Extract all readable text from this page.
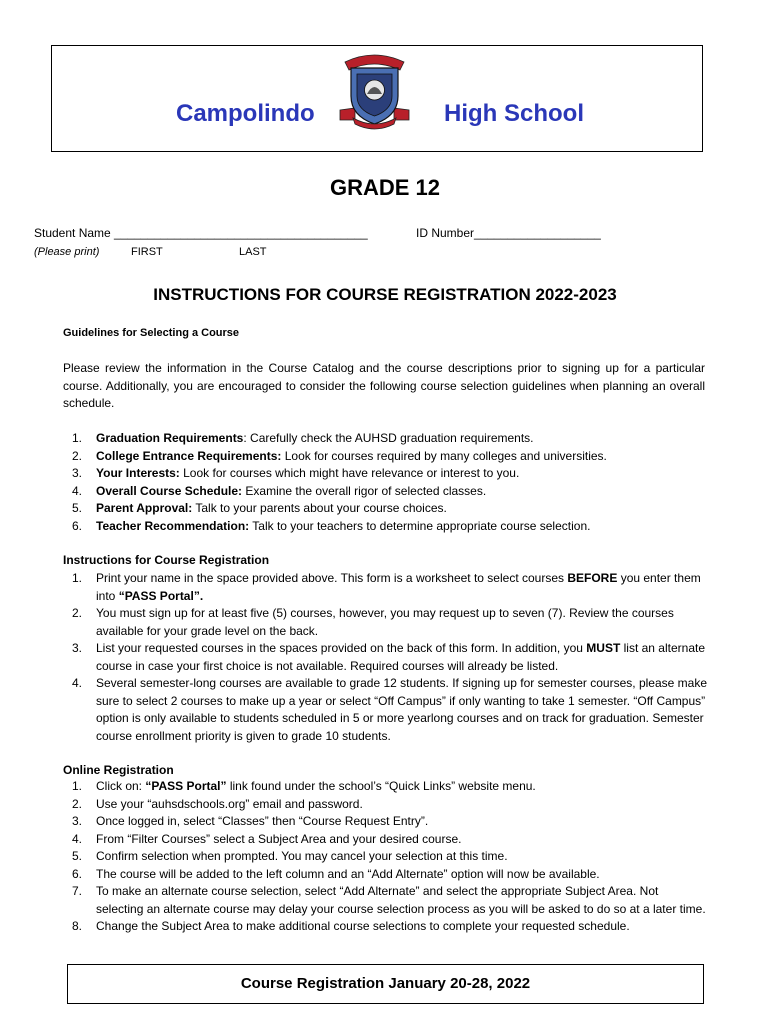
Campolindo	High School
GRADE 12
Student Name ______________________________________	ID Number___________________
(Please print)	FIRST	LAST
INSTRUCTIONS FOR COURSE REGISTRATION 2022-2023
Guidelines for Selecting a Course
Please review the information in the Course Catalog and the course descriptions prior to signing up for a particular course. Additionally, you are encouraged to consider the following course selection guidelines when planning an overall schedule.
1. Graduation Requirements: Carefully check the AUHSD graduation requirements.
2. College Entrance Requirements: Look for courses required by many colleges and universities.
3. Your Interests: Look for courses which might have relevance or interest to you.
4. Overall Course Schedule: Examine the overall rigor of selected classes.
5. Parent Approval: Talk to your parents about your course choices.
6. Teacher Recommendation: Talk to your teachers to determine appropriate course selection.
Instructions for Course Registration
1. Print your name in the space provided above. This form is a worksheet to select courses BEFORE you enter them into “PASS Portal”.
2. You must sign up for at least five (5) courses, however, you may request up to seven (7). Review the courses available for your grade level on the back.
3. List your requested courses in the spaces provided on the back of this form. In addition, you MUST list an alternate course in case your first choice is not available. Required courses will already be listed.
4. Several semester-long courses are available to grade 12 students. If signing up for semester courses, please make sure to select 2 courses to make up a year or select “Off Campus” if only wanting to take 1 semester. “Off Campus” option is only available to students scheduled in 5 or more yearlong courses and on track for graduation. Semester course enrollment priority is given to grade 10 students.
Online Registration
1. Click on: “PASS Portal” link found under the school’s “Quick Links” website menu.
2. Use your “auhsdschools.org” email and password.
3. Once logged in, select “Classes” then “Course Request Entry”.
4. From “Filter Courses” select a Subject Area and your desired course.
5. Confirm selection when prompted. You may cancel your selection at this time.
6. The course will be added to the left column and an “Add Alternate” option will now be available.
7. To make an alternate course selection, select “Add Alternate” and select the appropriate Subject Area. Not selecting an alternate course may delay your course selection process as you will be asked to do so at a later time.
8. Change the Subject Area to make additional course selections to complete your requested schedule.
Course Registration January 20-28, 2022
